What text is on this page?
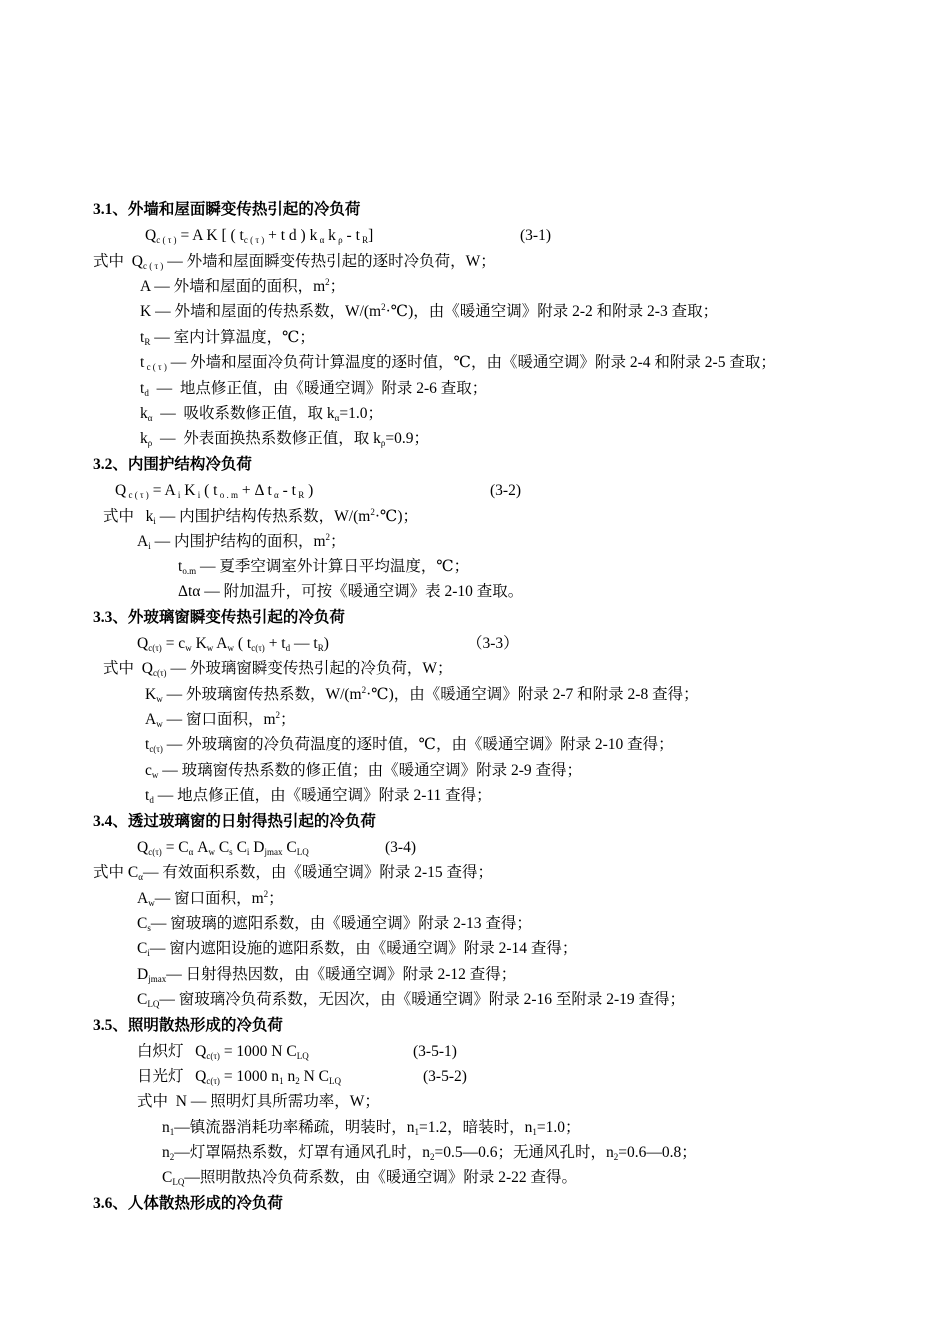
3.1、外墙和屋面瞬变传热引起的冷负荷
$Q_{c ( \tau )} = A$ K [ ( $t_{c ( \tau )} + t$ d ) k $_\alpha$ k $_\rho$ - t $_R$]	(3-1)
式中  $Q_{c ( \tau )}$ — 外墙和屋面瞬变传热引起的逐时冷负荷，W；
A — 外墙和屋面的面积，$m^2$；
K — 外墙和屋面的传热系数，$W/(m^2\cdot℃)$，由《暖通空调》附录 2-2 和附录 2-3 查取；
$t_R$ — 室内计算温度，℃；
t $_{c ( \tau )}$ — 外墙和屋面冷负荷计算温度的逐时值，℃，由《暖通空调》附录 2-4 和附录 2-5 查取；
$t_d$  —  地点修正值，由《暖通空调》附录 2-6 查取；
$k_\alpha$  —  吸收系数修正值，取 $k_\alpha=1.0$；
$k_\rho$  —  外表面换热系数修正值，取 $k_\rho=0.9$；
3.2、内围护结构冷负荷
Q $_{c ( \tau )}$ = A $_i$ K $_i$ ( t $_{o . m}$ + Δ t $_\alpha$ - t $_R$ )	(3-2)
式中   $k_i$ — 内围护结构传热系数，$W/(m^2\cdot℃)$；
$A_i$ — 内围护结构的面积，$m^2$；
$t_{o.m}$ — 夏季空调室外计算日平均温度，℃；
Δtα — 附加温升，可按《暖通空调》表 2-10 查取。
3.3、外玻璃窗瞬变传热引起的冷负荷
$Q_{c(\tau)} = c_w$ $K_w$ $A_w$ ( $t_{c(\tau)} + t_d$ — $t_R$)	（3-3）
式中  $Q_{c(\tau)}$ — 外玻璃窗瞬变传热引起的冷负荷，W；
$K_w$ — 外玻璃窗传热系数，$W/(m^2\cdot℃)$，由《暖通空调》附录 2-7 和附录 2-8 查得；
$A_w$ — 窗口面积，$m^2$；
$t_{c(\tau)}$ — 外玻璃窗的冷负荷温度的逐时值，℃，由《暖通空调》附录 2-10 查得；
$c_w$ — 玻璃窗传热系数的修正值；由《暖通空调》附录 2-9 查得；
$t_d$ — 地点修正值，由《暖通空调》附录 2-11 查得；
3.4、透过玻璃窗的日射得热引起的冷负荷
$Q_{c(\tau)} = C_\alpha$ $A_w$ $C_s$ $C_i$ $D_{jmax}$ $C_{LQ}$	(3-4)
式中 $C_\alpha—$ 有效面积系数，由《暖通空调》附录 2-15 查得；
$A_w—$ 窗口面积，$m^2$；
$C_s—$ 窗玻璃的遮阳系数，由《暖通空调》附录 2-13 查得；
$C_i—$ 窗内遮阳设施的遮阳系数，由《暖通空调》附录 2-14 查得；
$D_{jmax}—$ 日射得热因数，由《暖通空调》附录 2-12 查得；
$C_{LQ}—$ 窗玻璃冷负荷系数，无因次，由《暖通空调》附录 2-16 至附录 2-19 查得；
3.5、照明散热形成的冷负荷
白炽灯   $Q_{c(\tau)} = 1000$ N $C_{LQ}$	(3-5-1)
日光灯   $Q_{c(\tau)} = 1000$ $n_1$ $n_2$ N $C_{LQ}$	(3-5-2)
式中  N — 照明灯具所需功率，W；
$n_1—$镇流器消耗功率稀疏，明装时，$n_1=1.2$，暗装时，$n_1=1.0$；
$n_2—$灯罩隔热系数，灯罩有通风孔时，$n_2=0.5—0.6$；无通风孔时，$n_2=0.6—0.8$；
$C_{LQ}—$照明散热冷负荷系数，由《暖通空调》附录 2-22 查得。
3.6、人体散热形成的冷负荷
